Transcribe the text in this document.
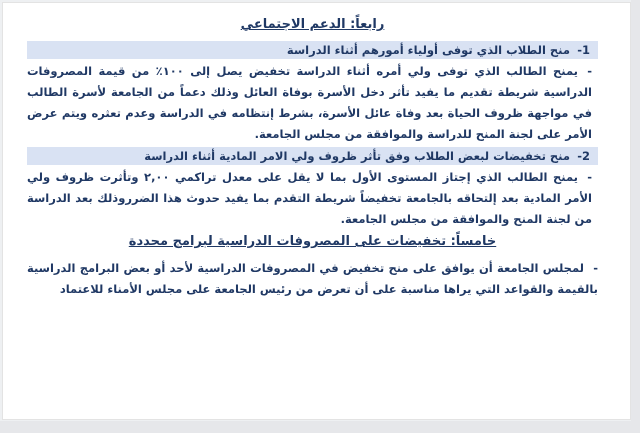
رابعاً: الدعم الاجتماعي
1-
منح الطلاب الذي توفى أولياء أمورهم أثناء الدراسة
-يمنح الطالب الذي توفى ولي أمره أثناء الدراسة تخفيض يصل إلى ١٠٠٪ من قيمة المصروفات الدراسية شريطة تقديم ما يفيد تأثر دخل الأسرة بوفاة العائل وذلك دعماً من الجامعة لأسرة الطالب في مواجهة ظروف الحياة بعد وفاة عائل الأسرة، بشرط إنتظامه في الدراسة وعدم تعثره ويتم عرض الأمر على لجنة المنح للدراسة والموافقة من مجلس الجامعة.
2-
منح تخفيضات لبعض الطلاب وفق تأثر ظروف ولي الامر المادية أثناء الدراسة
-يمنح الطالب الذي إجتاز المستوى الأول بما لا يقل على معدل تراكمي ٢,٠٠ وتأثرت ظروف ولي الأمر المادية بعد إلتحاقه بالجامعة تخفيضاً شريطة التقدم بما يفيد حدوث هذا الضرروذلك بعد الدراسة من لجنة المنح والموافقة من مجلس الجامعة.
خامساً: تخفيضات على المصروفات الدراسية لبرامج محددة
-لمجلس الجامعة أن يوافق على منح تخفيض في المصروفات الدراسية لأحد أو بعض البرامج الدراسية بالقيمة والقواعد التي يراها مناسبة على أن تعرض من رئيس الجامعة على مجلس الأمناء للاعتماد
